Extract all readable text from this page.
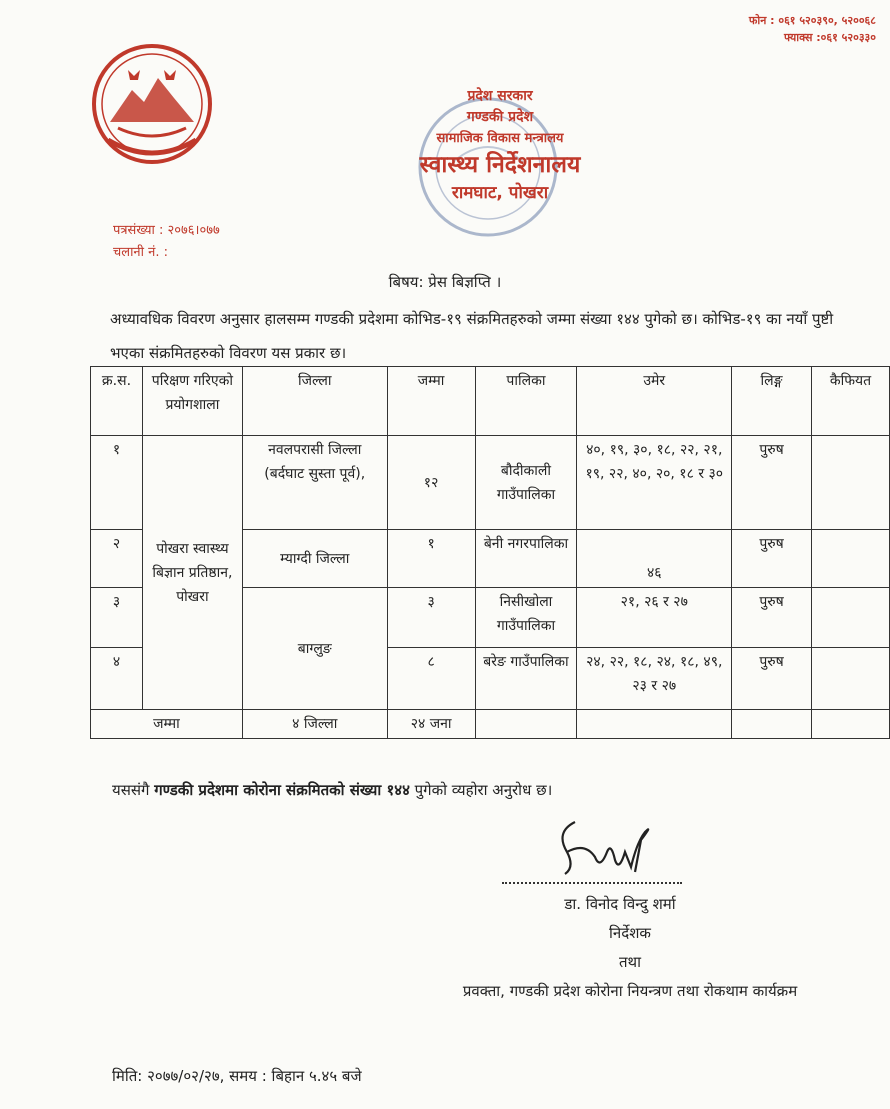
फोन : ०६१ ५२०३९०, ५२००६८
फ्याक्स :०६१ ५२०३३०
प्रदेश सरकार
गण्डकी प्रदेश
सामाजिक विकास मन्त्रालय
स्वास्थ्य निर्देशनालय
रामघाट, पोखरा
पत्रसंख्या : २०७६।०७७
चलानी नं. :
बिषय: प्रेस बिज्ञप्ति ।
अध्यावधिक विवरण अनुसार हालसम्म गण्डकी प्रदेशमा कोभिड-१९ संक्रमितहरुको जम्मा संख्या १४४ पुगेको छ। कोभिड-१९ का नयाँ पुष्टी भएका संक्रमितहरुको विवरण यस प्रकार छ।
क्र.स.	परिक्षण गरिएको प्रयोगशाला	जिल्ला	जम्मा	पालिका	उमेर	लिङ्ग	कैफियत
१	पोखरा स्वास्थ्य बिज्ञान प्रतिष्ठान, पोखरा	नवलपरासी जिल्ला (बर्दघाट सुस्ता पूर्व),	१२	बौदीकाली गाउँपालिका	४०, १९, ३०, १८, २२, २१, १९, २२, ४०, २०, १८ र ३०	पुरुष	
२		म्याग्दी जिल्ला	१	बेनी नगरपालिका	४६	पुरुष	
३		बाग्लुङ	३	निसीखोला गाउँपालिका	२१, २६ र २७	पुरुष	
४			८	बरेङ गाउँपालिका	२४, २२, १८, २४, १८, ४९, २३ र २७	पुरुष	
जम्मा		४ जिल्ला	२४ जना				
यससंगै गण्डकी प्रदेशमा कोरोना संक्रमितको संख्या १४४ पुगेको व्यहोरा अनुरोध छ।
डा. विनोद विन्दु शर्मा
निर्देशक
तथा
प्रवक्ता, गण्डकी प्रदेश कोरोना नियन्त्रण तथा रोकथाम कार्यक्रम
मिति: २०७७/०२/२७, समय : बिहान ५.४५ बजे
